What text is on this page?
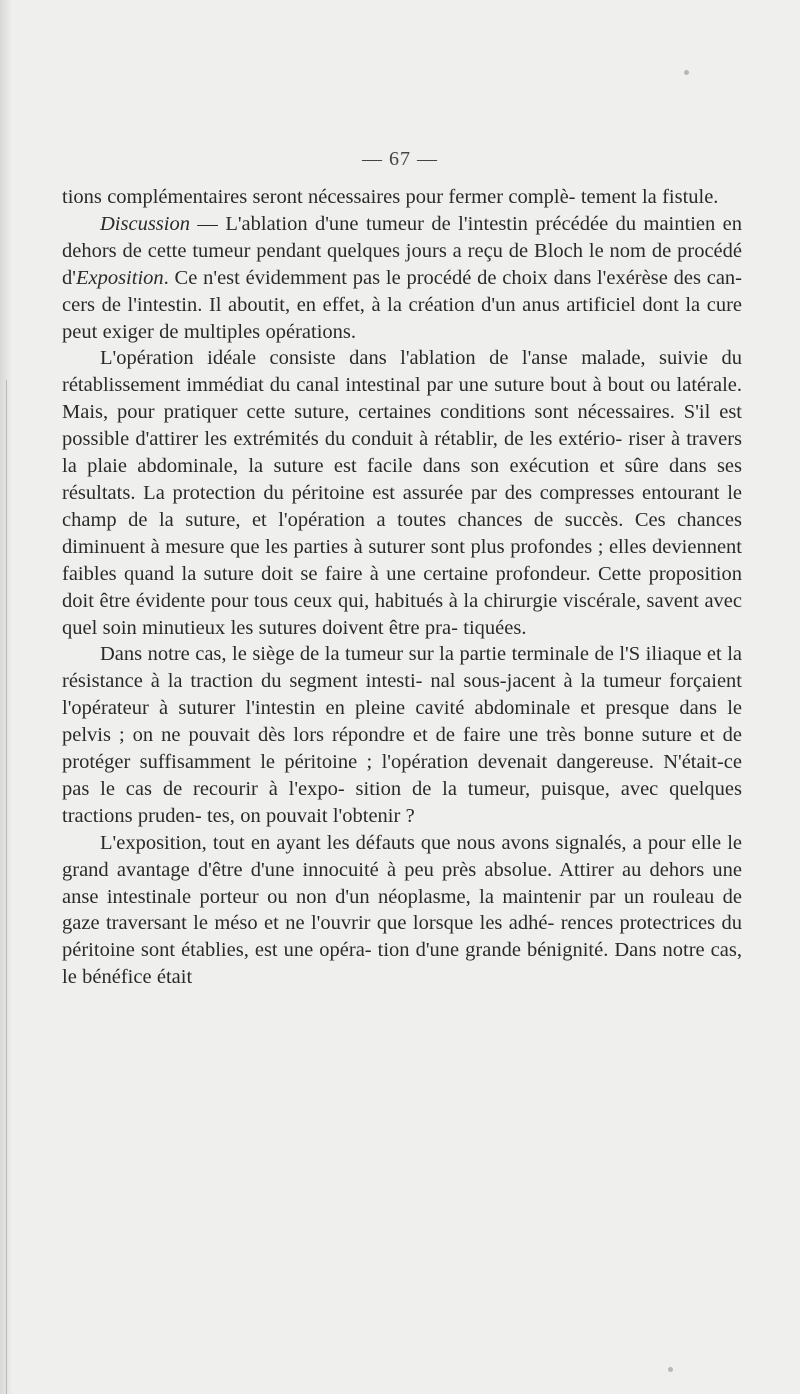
— 67 —

tions complémentaires seront nécessaires pour fermer complè- tement la fistule.

Discussion — L'ablation d'une tumeur de l'intestin précédée du maintien en dehors de cette tumeur pendant quelques jours a reçu de Bloch le nom de procédé d'Exposition. Ce n'est évidemment pas le procédé de choix dans l'exérèse des can- cers de l'intestin. Il aboutit, en effet, à la création d'un anus artificiel dont la cure peut exiger de multiples opérations.

L'opération idéale consiste dans l'ablation de l'anse malade, suivie du rétablissement immédiat du canal intestinal par une suture bout à bout ou latérale. Mais, pour pratiquer cette suture, certaines conditions sont nécessaires. S'il est possible d'attirer les extrémités du conduit à rétablir, de les extério- riser à travers la plaie abdominale, la suture est facile dans son exécution et sûre dans ses résultats. La protection du péritoine est assurée par des compresses entourant le champ de la suture, et l'opération a toutes chances de succès. Ces chances diminuent à mesure que les parties à suturer sont plus profondes ; elles deviennent faibles quand la suture doit se faire à une certaine profondeur. Cette proposition doit être évidente pour tous ceux qui, habitués à la chirurgie viscérale, savent avec quel soin minutieux les sutures doivent être pra- tiquées.

Dans notre cas, le siège de la tumeur sur la partie terminale de l'S iliaque et la résistance à la traction du segment intesti- nal sous-jacent à la tumeur forçaient l'opérateur à suturer l'intestin en pleine cavité abdominale et presque dans le pelvis ; on ne pouvait dès lors répondre et de faire une très bonne suture et de protéger suffisamment le péritoine ; l'opération devenait dangereuse. N'était-ce pas le cas de recourir à l'expo- sition de la tumeur, puisque, avec quelques tractions pruden- tes, on pouvait l'obtenir ?

L'exposition, tout en ayant les défauts que nous avons signalés, a pour elle le grand avantage d'être d'une innocuité à peu près absolue. Attirer au dehors une anse intestinale porteur ou non d'un néoplasme, la maintenir par un rouleau de gaze traversant le méso et ne l'ouvrir que lorsque les adhé- rences protectrices du péritoine sont établies, est une opéra- tion d'une grande bénignité. Dans notre cas, le bénéfice était
